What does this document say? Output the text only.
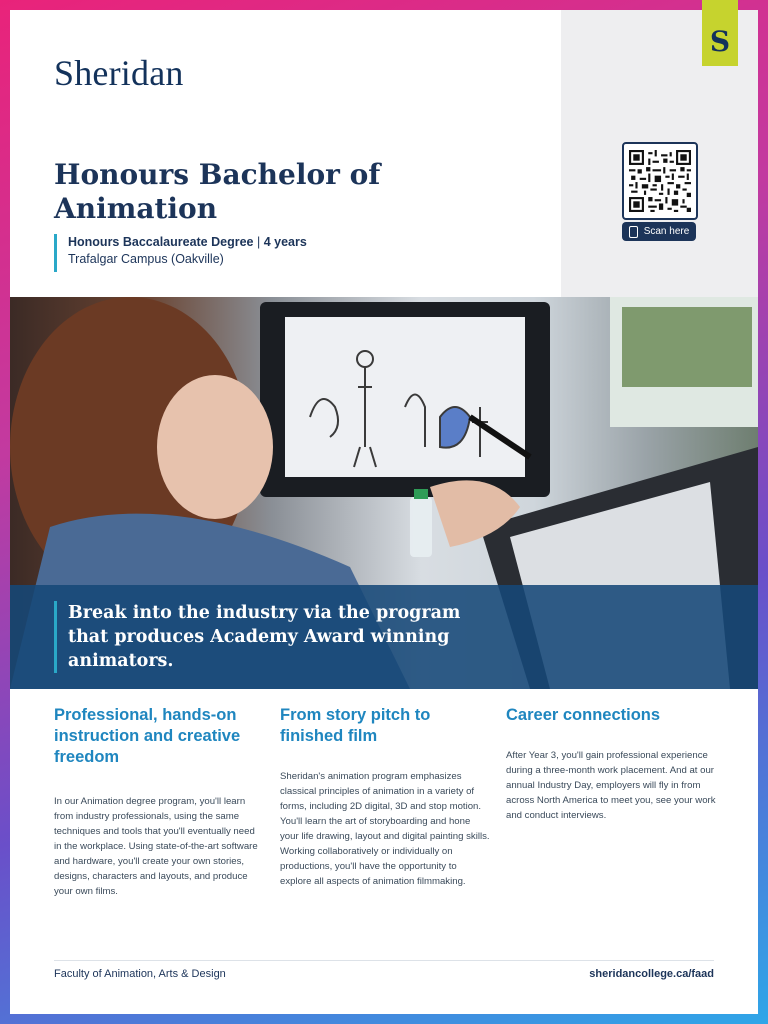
Sheridan
Honours Bachelor of Animation
Honours Baccalaureate Degree | 4 years
Trafalgar Campus (Oakville)
Scan here
Break into the industry via the program that produces Academy Award winning animators.
Professional, hands-on instruction and creative freedom

In our Animation degree program, you'll learn from industry professionals, using the same techniques and tools that you'll eventually need in the workplace. Using state-of-the-art software and hardware, you'll create your own stories, designs, characters and layouts, and produce your own films.

From story pitch to finished film

Sheridan's animation program emphasizes classical principles of animation in a variety of forms, including 2D digital, 3D and stop motion. You'll learn the art of storyboarding and hone your life drawing, layout and digital painting skills. Working collaboratively or individually on productions, you'll have the opportunity to explore all aspects of animation filmmaking.

Career connections

After Year 3, you'll gain professional experience during a three-month work placement. And at our annual Industry Day, employers will fly in from across North America to meet you, see your work and conduct interviews.

Faculty of Animation, Arts & Design	sheridancollege.ca/faad
S
